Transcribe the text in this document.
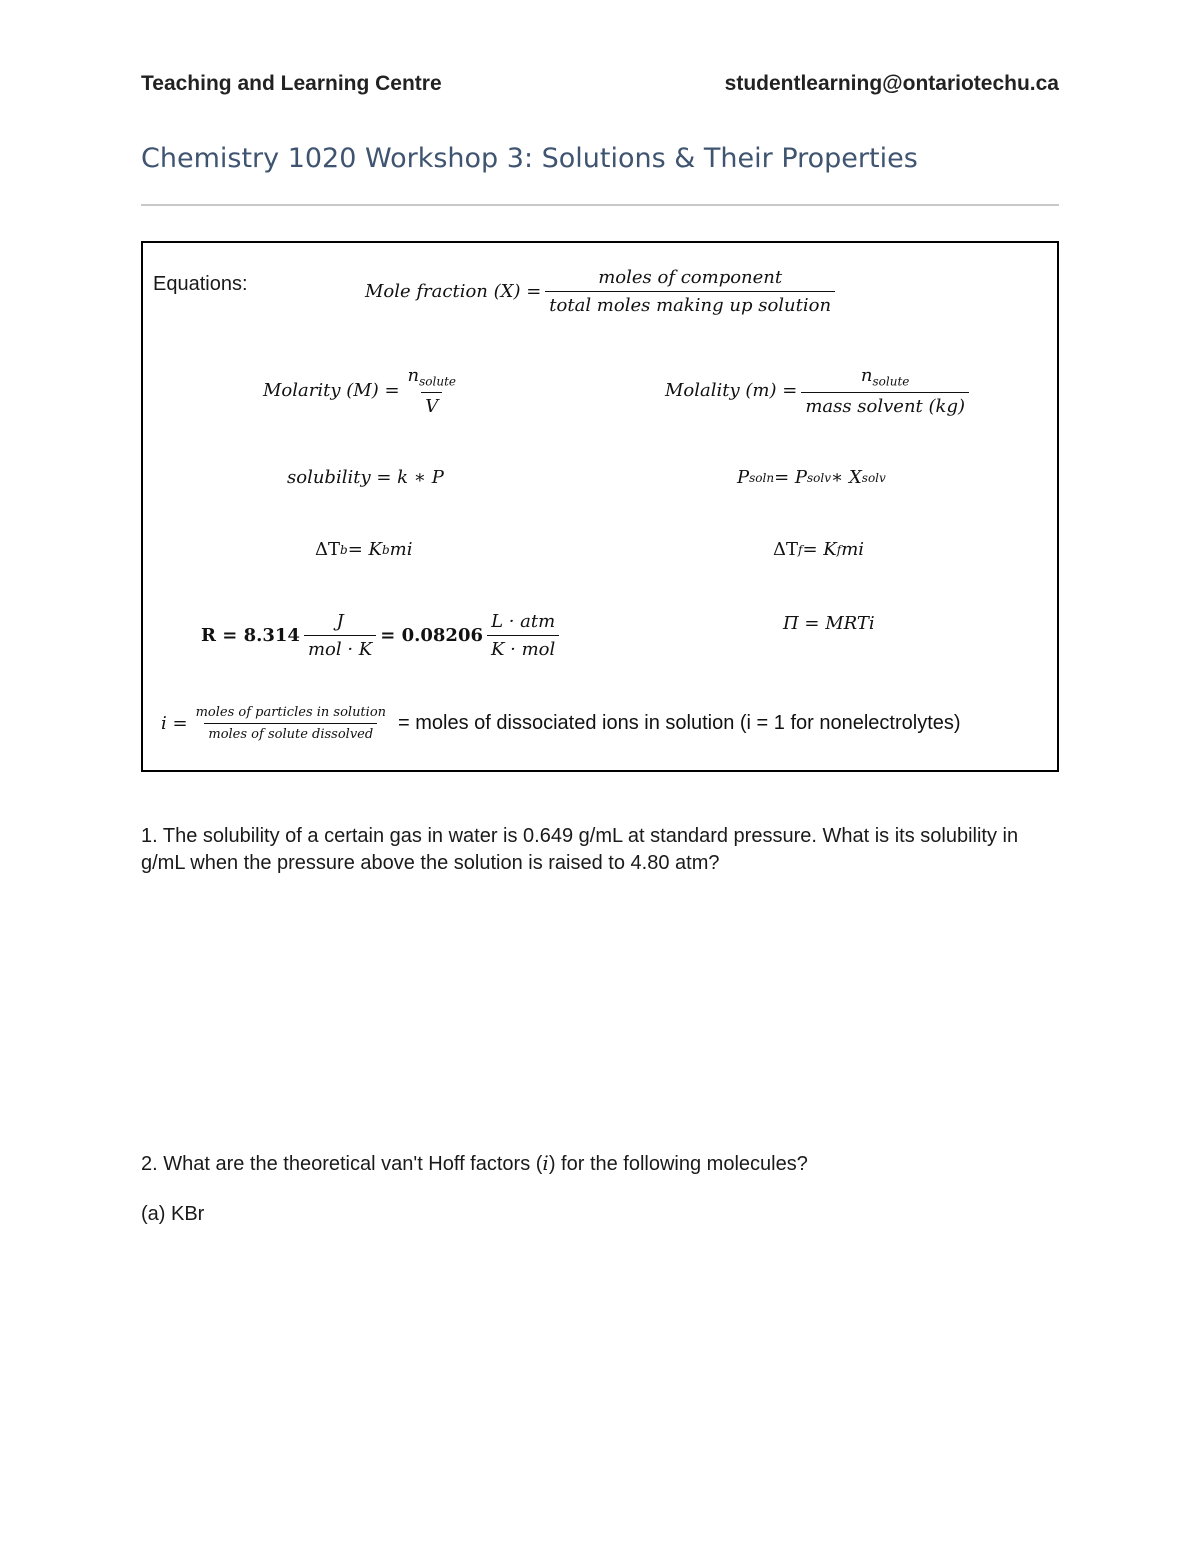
Teaching and Learning Centre	studentlearning@ontariotechu.ca
Chemistry 1020 Workshop 3: Solutions & Their Properties
Equations:	Mole fraction $(X) = \frac{\text{moles of component}}{\text{total moles making up solution}}$
Molarity $(M) = \frac{n_{solute}}{V}$	Molality $(m) = \frac{n_{solute}}{\text{mass solvent (kg)}}$
solubility = k ∗ P	P soln = P solv ∗ X solv
ΔT b = K b mi	ΔT f = K f mi
$R = 8.314 \frac{J}{\text{mol · K}} = 0.08206 \frac{\text{L · atm}}{\text{K · mol}}$	Π = MRTi
$i = \frac{\text{moles of particles in solution}}{\text{moles of solute dissolved}}$ = moles of dissociated ions in solution (i = 1 for nonelectrolytes)
1. The solubility of a certain gas in water is 0.649 g/mL at standard pressure. What is its solubility in g/mL when the pressure above the solution is raised to 4.80 atm?
2. What are the theoretical van't Hoff factors (i) for the following molecules?
(a) KBr
